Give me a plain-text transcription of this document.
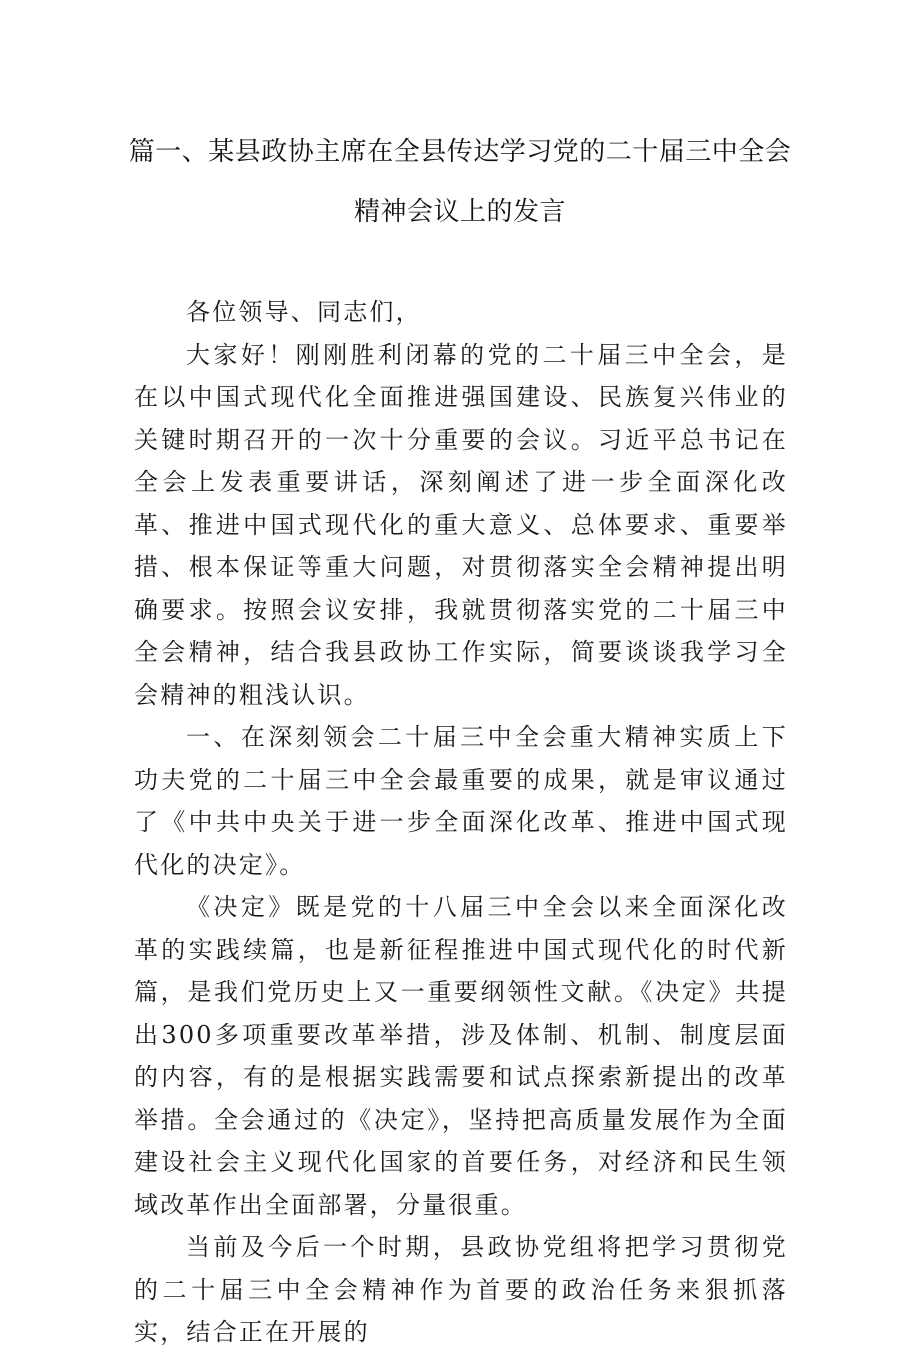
篇一、某县政协主席在全县传达学习党的二十届三中全会
精神会议上的发言

各位领导、同志们，

大家好！刚刚胜利闭幕的党的二十届三中全会，是在以中国式现代化全面推进强国建设、民族复兴伟业的关键时期召开的一次十分重要的会议。习近平总书记在全会上发表重要讲话，深刻阐述了进一步全面深化改革、推进中国式现代化的重大意义、总体要求、重要举措、根本保证等重大问题，对贯彻落实全会精神提出明确要求。按照会议安排，我就贯彻落实党的二十届三中全会精神，结合我县政协工作实际，简要谈谈我学习全会精神的粗浅认识。

一、在深刻领会二十届三中全会重大精神实质上下功夫党的二十届三中全会最重要的成果，就是审议通过了《中共中央关于进一步全面深化改革、推进中国式现代化的决定》。

《决定》既是党的十八届三中全会以来全面深化改革的实践续篇，也是新征程推进中国式现代化的时代新篇，是我们党历史上又一重要纲领性文献。《决定》共提出300多项重要改革举措，涉及体制、机制、制度层面的内容，有的是根据实践需要和试点探索新提出的改革举措。全会通过的《决定》，坚持把高质量发展作为全面建设社会主义现代化国家的首要任务，对经济和民生领域改革作出全面部署，分量很重。

当前及今后一个时期，县政协党组将把学习贯彻党的二十届三中全会精神作为首要的政治任务来狠抓落实，结合正在开展的
